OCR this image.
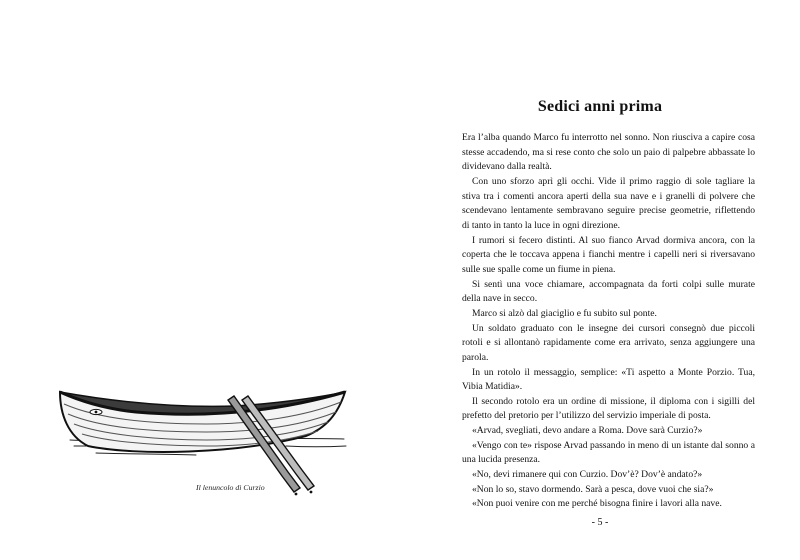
Il lenuncolo di Curzio
Sedici anni prima

Era l’alba quando Marco fu interrotto nel sonno. Non riusciva a capire cosa stesse accadendo, ma si rese conto che solo un paio di palpebre abbassate lo dividevano dalla realtà.

Con uno sforzo aprì gli occhi. Vide il primo raggio di sole tagliare la stiva tra i comenti ancora aperti della sua nave e i granelli di polvere che scendevano lentamente sembravano seguire precise geometrie, riflettendo di tanto in tanto la luce in ogni direzione.

I rumori si fecero distinti. Al suo fianco Arvad dormiva ancora, con la coperta che le toccava appena i fianchi mentre i capelli neri si riversavano sulle sue spalle come un fiume in piena.

Si sentì una voce chiamare, accompagnata da forti colpi sulle murate della nave in secco.

Marco si alzò dal giaciglio e fu subito sul ponte.

Un soldato graduato con le insegne dei cursori consegnò due piccoli rotoli e si allontanò rapidamente come era arrivato, senza aggiungere una parola.

In un rotolo il messaggio, semplice: «Ti aspetto a Monte Porzio. Tua, Vibia Matidia».

Il secondo rotolo era un ordine di missione, il diploma con i sigilli del prefetto del pretorio per l’utilizzo del servizio imperiale di posta.

«Arvad, svegliati, devo andare a Roma. Dove sarà Curzio?»

«Vengo con te» rispose Arvad passando in meno di un istante dal sonno a una lucida presenza.

«No, devi rimanere qui con Curzio. Dov’è? Dov’è andato?»

«Non lo so, stavo dormendo. Sarà a pesca, dove vuoi che sia?»

«Non puoi venire con me perché bisogna finire i lavori alla nave.

- 5 -
